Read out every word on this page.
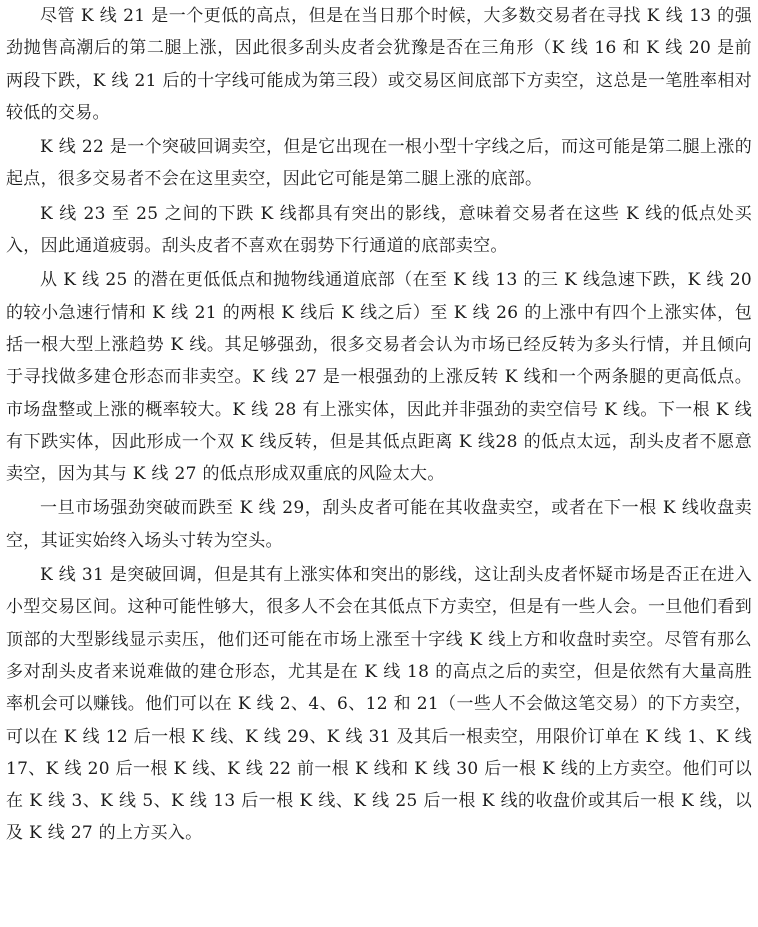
尽管 K 线 21 是一个更低的高点，但是在当日那个时候，大多数交易者在寻找 K 线 13 的强劲抛售高潮后的第二腿上涨，因此很多刮头皮者会犹豫是否在三角形（K 线 16 和 K 线 20 是前两段下跌，K 线 21 后的十字线可能成为第三段）或交易区间底部下方卖空，这总是一笔胜率相对较低的交易。

K 线 22 是一个突破回调卖空，但是它出现在一根小型十字线之后，而这可能是第二腿上涨的起点，很多交易者不会在这里卖空，因此它可能是第二腿上涨的底部。

K 线 23 至 25 之间的下跌 K 线都具有突出的影线，意味着交易者在这些 K 线的低点处买入，因此通道疲弱。刮头皮者不喜欢在弱势下行通道的底部卖空。

从 K 线 25 的潜在更低低点和抛物线通道底部（在至 K 线 13 的三 K 线急速下跌，K 线 20 的较小急速行情和 K 线 21 的两根 K 线后 K 线之后）至 K 线 26 的上涨中有四个上涨实体，包括一根大型上涨趋势 K 线。其足够强劲，很多交易者会认为市场已经反转为多头行情，并且倾向于寻找做多建仓形态而非卖空。K 线 27 是一根强劲的上涨反转 K 线和一个两条腿的更高低点。市场盘整或上涨的概率较大。K 线 28 有上涨实体，因此并非强劲的卖空信号 K 线。下一根 K 线有下跌实体，因此形成一个双 K 线反转，但是其低点距离 K 线28 的低点太远，刮头皮者不愿意卖空，因为其与 K 线 27 的低点形成双重底的风险太大。

一旦市场强劲突破而跌至 K 线 29，刮头皮者可能在其收盘卖空，或者在下一根 K 线收盘卖空，其证实始终入场头寸转为空头。

K 线 31 是突破回调，但是其有上涨实体和突出的影线，这让刮头皮者怀疑市场是否正在进入小型交易区间。这种可能性够大，很多人不会在其低点下方卖空，但是有一些人会。一旦他们看到顶部的大型影线显示卖压，他们还可能在市场上涨至十字线 K 线上方和收盘时卖空。尽管有那么多对刮头皮者来说难做的建仓形态，尤其是在 K 线 18 的高点之后的卖空，但是依然有大量高胜率机会可以赚钱。他们可以在 K 线 2、4、6、12 和 21（一些人不会做这笔交易）的下方卖空，可以在 K 线 12 后一根 K 线、K 线 29、K 线 31 及其后一根卖空，用限价订单在 K 线 1、K 线 17、K 线 20 后一根 K 线、K 线 22 前一根 K 线和 K 线 30 后一根 K 线的上方卖空。他们可以在 K 线 3、K 线 5、K 线 13 后一根 K 线、K 线 25 后一根 K 线的收盘价或其后一根 K 线，以及 K 线 27 的上方买入。
